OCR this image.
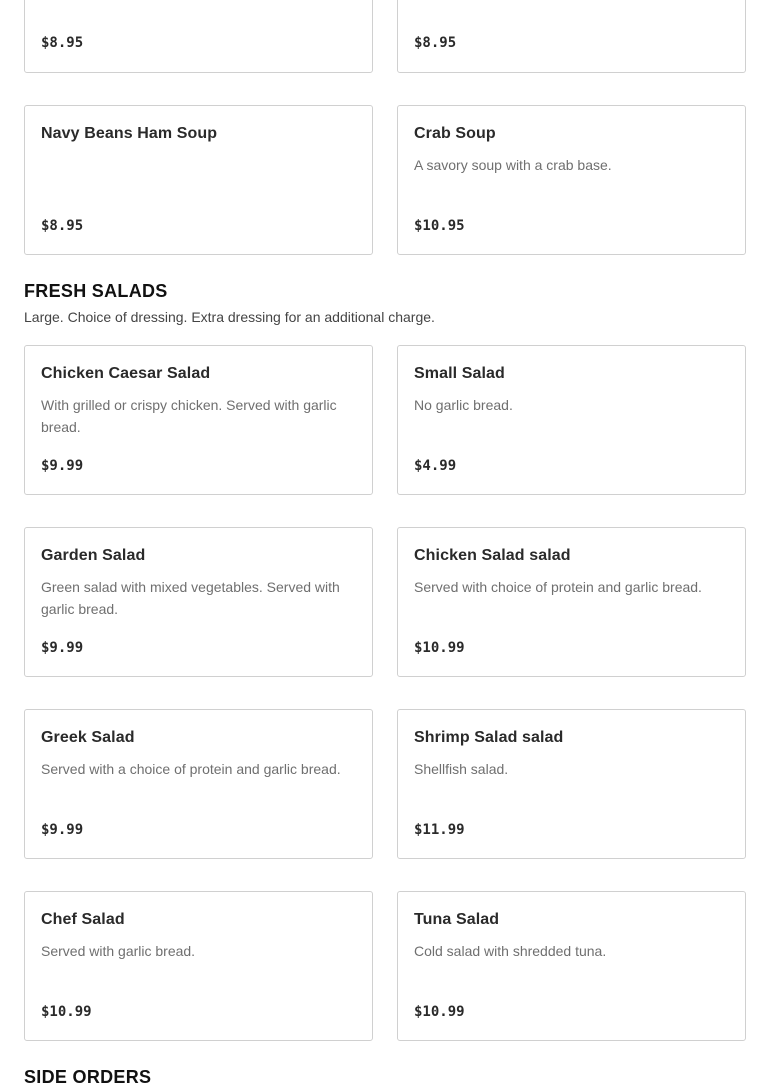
$8.95	$8.95
Navy Beans Ham Soup
$8.95
Crab Soup
A savory soup with a crab base.
$10.95
FRESH SALADS
Large. Choice of dressing. Extra dressing for an additional charge.
Chicken Caesar Salad
With grilled or crispy chicken. Served with garlic bread.
$9.99
Small Salad
No garlic bread.
$4.99
Garden Salad
Green salad with mixed vegetables. Served with garlic bread.
$9.99
Chicken Salad salad
Served with choice of protein and garlic bread.
$10.99
Greek Salad
Served with a choice of protein and garlic bread.
$9.99
Shrimp Salad salad
Shellfish salad.
$11.99
Chef Salad
Served with garlic bread.
$10.99
Tuna Salad
Cold salad with shredded tuna.
$10.99
SIDE ORDERS
